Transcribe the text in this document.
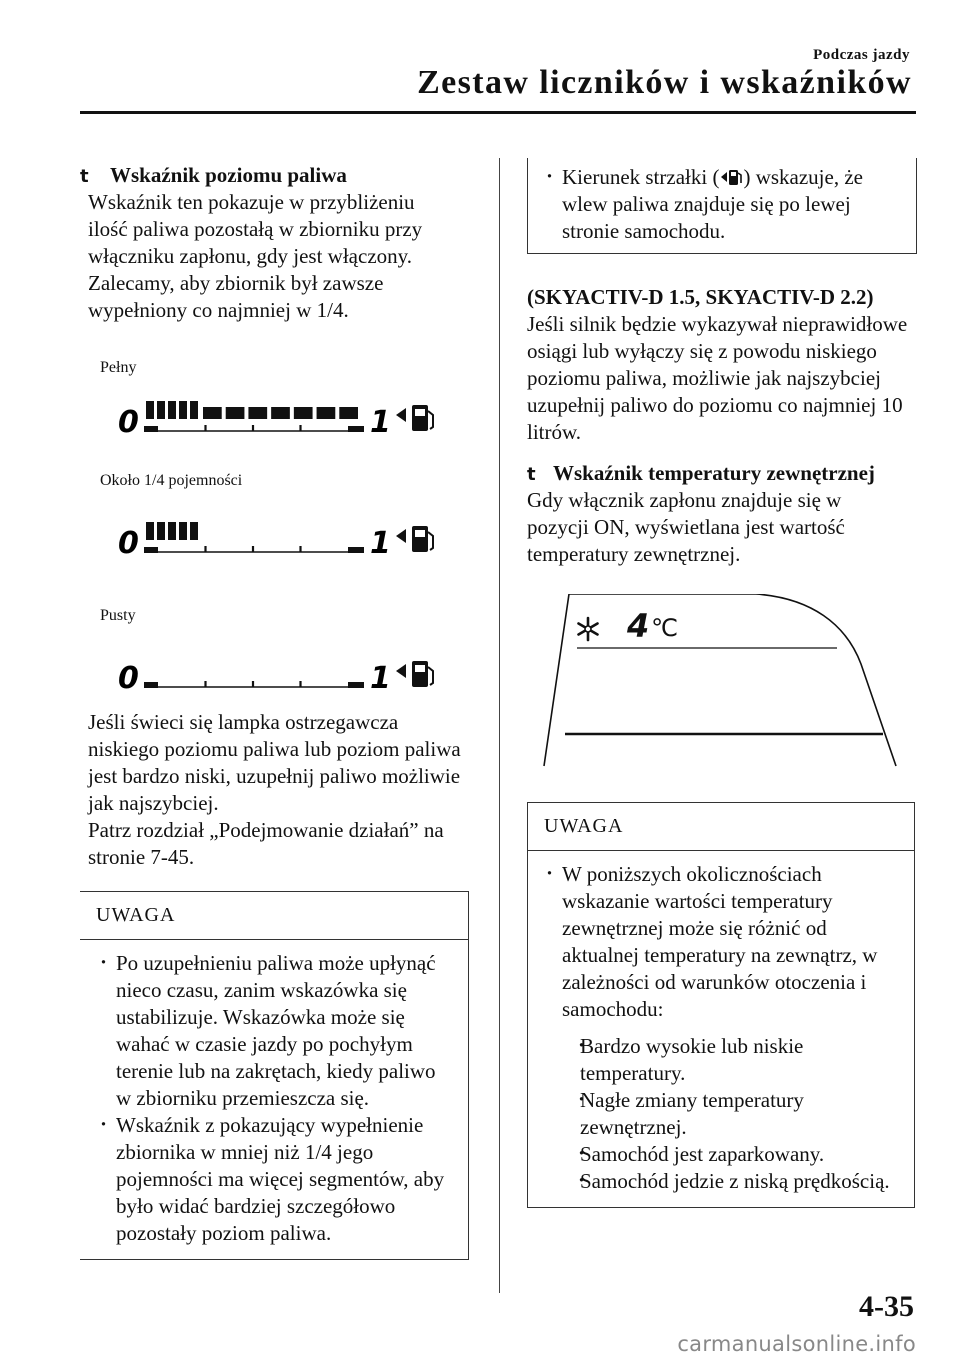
Podczas jazdy
Zestaw liczników i wskaźników

t Wskaźnik poziomu paliwa

Wskaźnik ten pokazuje w przybliżeniu ilość paliwa pozostałą w zbiorniku przy włączniku zapłonu, gdy jest włączony. Zalecamy, aby zbiornik był zawsze wypełniony co najmniej w 1/4.

Pełny
0	1
Około 1/4 pojemności
0	1
Pusty
0	1

Jeśli świeci się lampka ostrzegawcza niskiego poziomu paliwa lub poziom paliwa jest bardzo niski, uzupełnij paliwo możliwie jak najszybciej.

Patrz rozdział „Podejmowanie działań” na stronie 7-45.

UWAGA

· Po uzupełnieniu paliwa może upłynąć nieco czasu, zanim wskazówka się ustabilizuje. Wskazówka może się wahać w czasie jazdy po pochyłym terenie lub na zakrętach, kiedy paliwo w zbiorniku przemieszcza się.

· Wskaźnik z pokazujący wypełnienie zbiornika w mniej niż 1/4 jego pojemności ma więcej segmentów, aby było widać bardziej szczegółowo pozostały poziom paliwa.

· Kierunek strzałki ( ) wskazuje, że wlew paliwa znajduje się po lewej stronie samochodu.

(SKYACTIV-D 1.5, SKYACTIV-D 2.2)

Jeśli silnik będzie wykazywał nieprawidłowe osiągi lub wyłączy się z powodu niskiego poziomu paliwa, możliwie jak najszybciej uzupełnij paliwo do poziomu co najmniej 10 litrów.

t Wskaźnik temperatury zewnętrznej

Gdy włącznik zapłonu znajduje się w pozycji ON, wyświetlana jest wartość temperatury zewnętrznej.

4 ℃
UWAGA

· W poniższych okolicznościach wskazanie wartości temperatury zewnętrznej może się różnić od aktualnej temperatury na zewnątrz, w zależności od warunków otoczenia i samochodu:

· Bardzo wysokie lub niskie temperatury.

· Nagłe zmiany temperatury zewnętrznej.

· Samochód jest zaparkowany.

· Samochód jedzie z niską prędkością.

4-35
carmanualsonline.info
